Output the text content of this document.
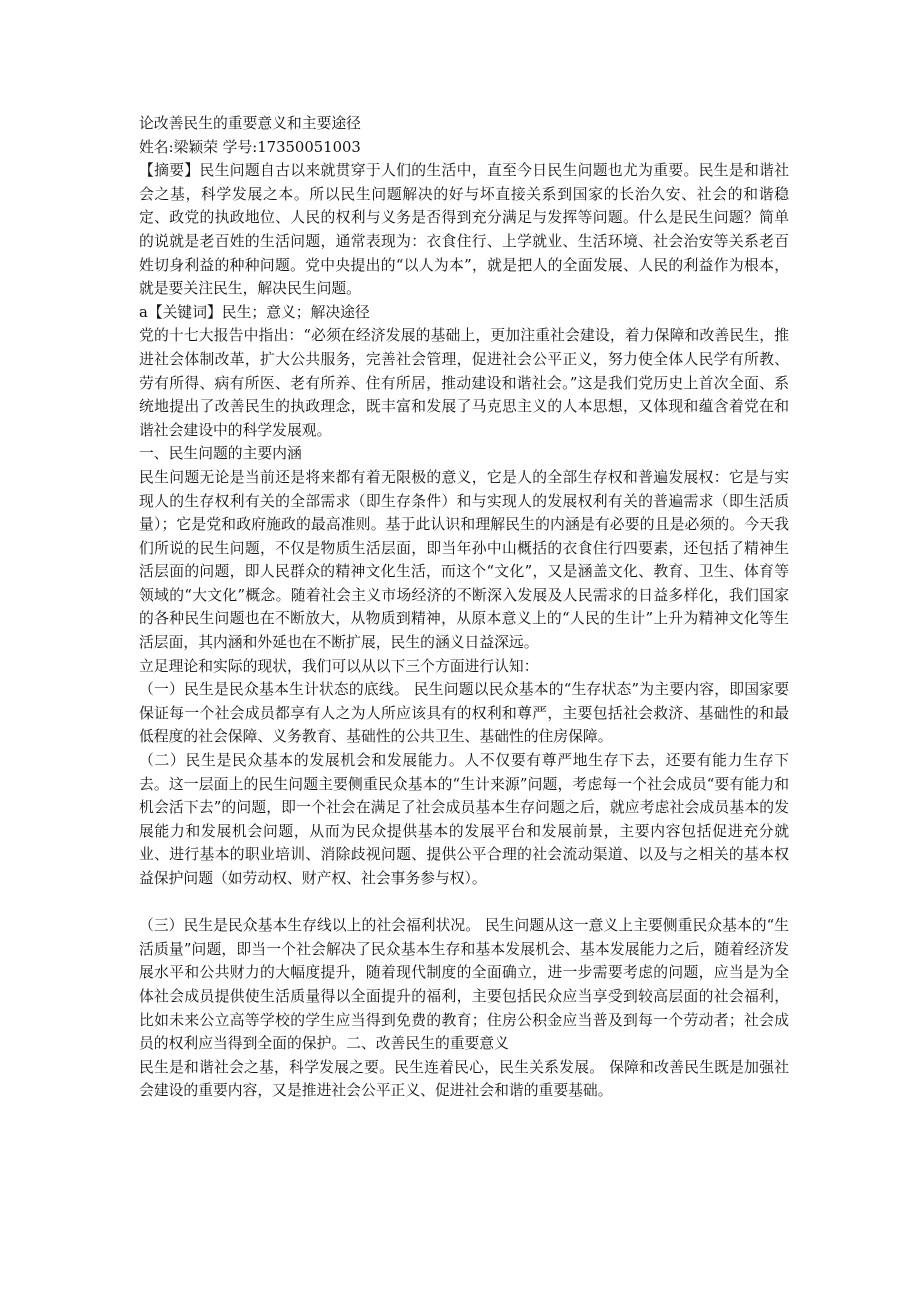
论改善民生的重要意义和主要途径

姓名:梁颖荣 学号:17350051003

【摘要】民生问题自古以来就贯穿于人们的生活中，直至今日民生问题也尤为重要。民生是和谐社会之基，科学发展之本。所以民生问题解决的好与坏直接关系到国家的长治久安、社会的和谐稳定、政党的执政地位、人民的权利与义务是否得到充分满足与发挥等问题。什么是民生问题？简单的说就是老百姓的生活问题，通常表现为：衣食住行、上学就业、生活环境、社会治安等关系老百姓切身利益的种种问题。党中央提出的“以人为本”，就是把人的全面发展、人民的利益作为根本，就是要关注民生，解决民生问题。

a【关键词】民生；意义；解决途径

党的十七大报告中指出：“必须在经济发展的基础上，更加注重社会建设，着力保障和改善民生，推进社会体制改革，扩大公共服务，完善社会管理，促进社会公平正义，努力使全体人民学有所教、劳有所得、病有所医、老有所养、住有所居，推动建设和谐社会。”这是我们党历史上首次全面、系统地提出了改善民生的执政理念，既丰富和发展了马克思主义的人本思想，又体现和蕴含着党在和谐社会建设中的科学发展观。

一、民生问题的主要内涵

民生问题无论是当前还是将来都有着无限极的意义，它是人的全部生存权和普遍发展权：它是与实现人的生存权利有关的全部需求（即生存条件）和与实现人的发展权利有关的普遍需求（即生活质量）；它是党和政府施政的最高准则。基于此认识和理解民生的内涵是有必要的且是必须的。今天我们所说的民生问题，不仅是物质生活层面，即当年孙中山概括的衣食住行四要素，还包括了精神生活层面的问题，即人民群众的精神文化生活，而这个“文化”，又是涵盖文化、教育、卫生、体育等领域的“大文化”概念。随着社会主义市场经济的不断深入发展及人民需求的日益多样化，我们国家的各种民生问题也在不断放大，从物质到精神，从原本意义上的“人民的生计”上升为精神文化等生活层面，其内涵和外延也在不断扩展，民生的涵义日益深远。

立足理论和实际的现状，我们可以从以下三个方面进行认知：

（一）民生是民众基本生计状态的底线。 民生问题以民众基本的“生存状态”为主要内容，即国家要保证每一个社会成员都享有人之为人所应该具有的权利和尊严，主要包括社会救济、基础性的和最低程度的社会保障、义务教育、基础性的公共卫生、基础性的住房保障。

（二）民生是民众基本的发展机会和发展能力。人不仅要有尊严地生存下去，还要有能力生存下去。这一层面上的民生问题主要侧重民众基本的“生计来源”问题，考虑每一个社会成员“要有能力和机会活下去”的问题，即一个社会在满足了社会成员基本生存问题之后，就应考虑社会成员基本的发展能力和发展机会问题，从而为民众提供基本的发展平台和发展前景，主要内容包括促进充分就业、进行基本的职业培训、消除歧视问题、提供公平合理的社会流动渠道、以及与之相关的基本权益保护问题（如劳动权、财产权、社会事务参与权）。

（三）民生是民众基本生存线以上的社会福利状况。 民生问题从这一意义上主要侧重民众基本的“生活质量”问题，即当一个社会解决了民众基本生存和基本发展机会、基本发展能力之后，随着经济发展水平和公共财力的大幅度提升，随着现代制度的全面确立，进一步需要考虑的问题，应当是为全体社会成员提供使生活质量得以全面提升的福利，主要包括民众应当享受到较高层面的社会福利，比如未来公立高等学校的学生应当得到免费的教育；住房公积金应当普及到每一个劳动者；社会成员的权利应当得到全面的保护。二、改善民生的重要意义

民生是和谐社会之基，科学发展之要。民生连着民心，民生关系发展。 保障和改善民生既是加强社会建设的重要内容，又是推进社会公平正义、促进社会和谐的重要基础。
